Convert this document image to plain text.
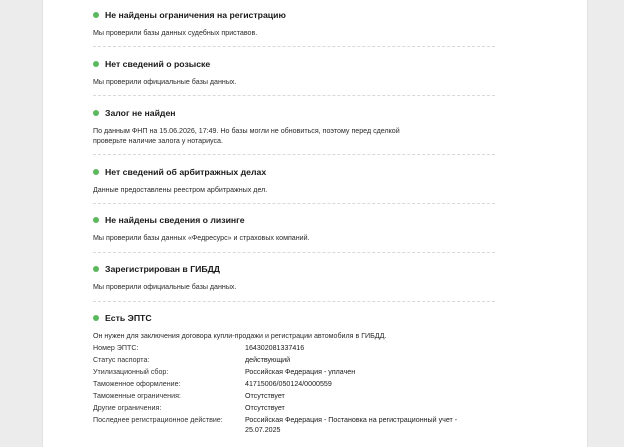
Не найдены ограничения на регистрацию
Мы проверили базы данных судебных приставов.
Нет сведений о розыске
Мы проверили официальные базы данных.
Залог не найден
По данным ФНП на 15.06.2026, 17:49. Но базы могли не обновиться, поэтому перед сделкой проверьте наличие залога у нотариуса.
Нет сведений об арбитражных делах
Данные предоставлены реестром арбитражных дел.
Не найдены сведения о лизинге
Мы проверили базы данных «Федресурс» и страховых компаний.
Зарегистрирован в ГИБДД
Мы проверили официальные базы данных.
Есть ЭПТС
Он нужен для заключения договора купли-продажи и регистрации автомобиля в ГИБДД.
Номер ЭПТС:	164302081337416
Статус паспорта:	действующий
Утилизационный сбор:	Российская Федерация - уплачен
Таможенное оформление:	41715006/050124/0000559
Таможенные ограничения:	Отсутствует
Другие ограничения:	Отсутствует
Последнее регистрационное действие:	Российская Федерация - Постановка на регистрационный учет - 25.07.2025
